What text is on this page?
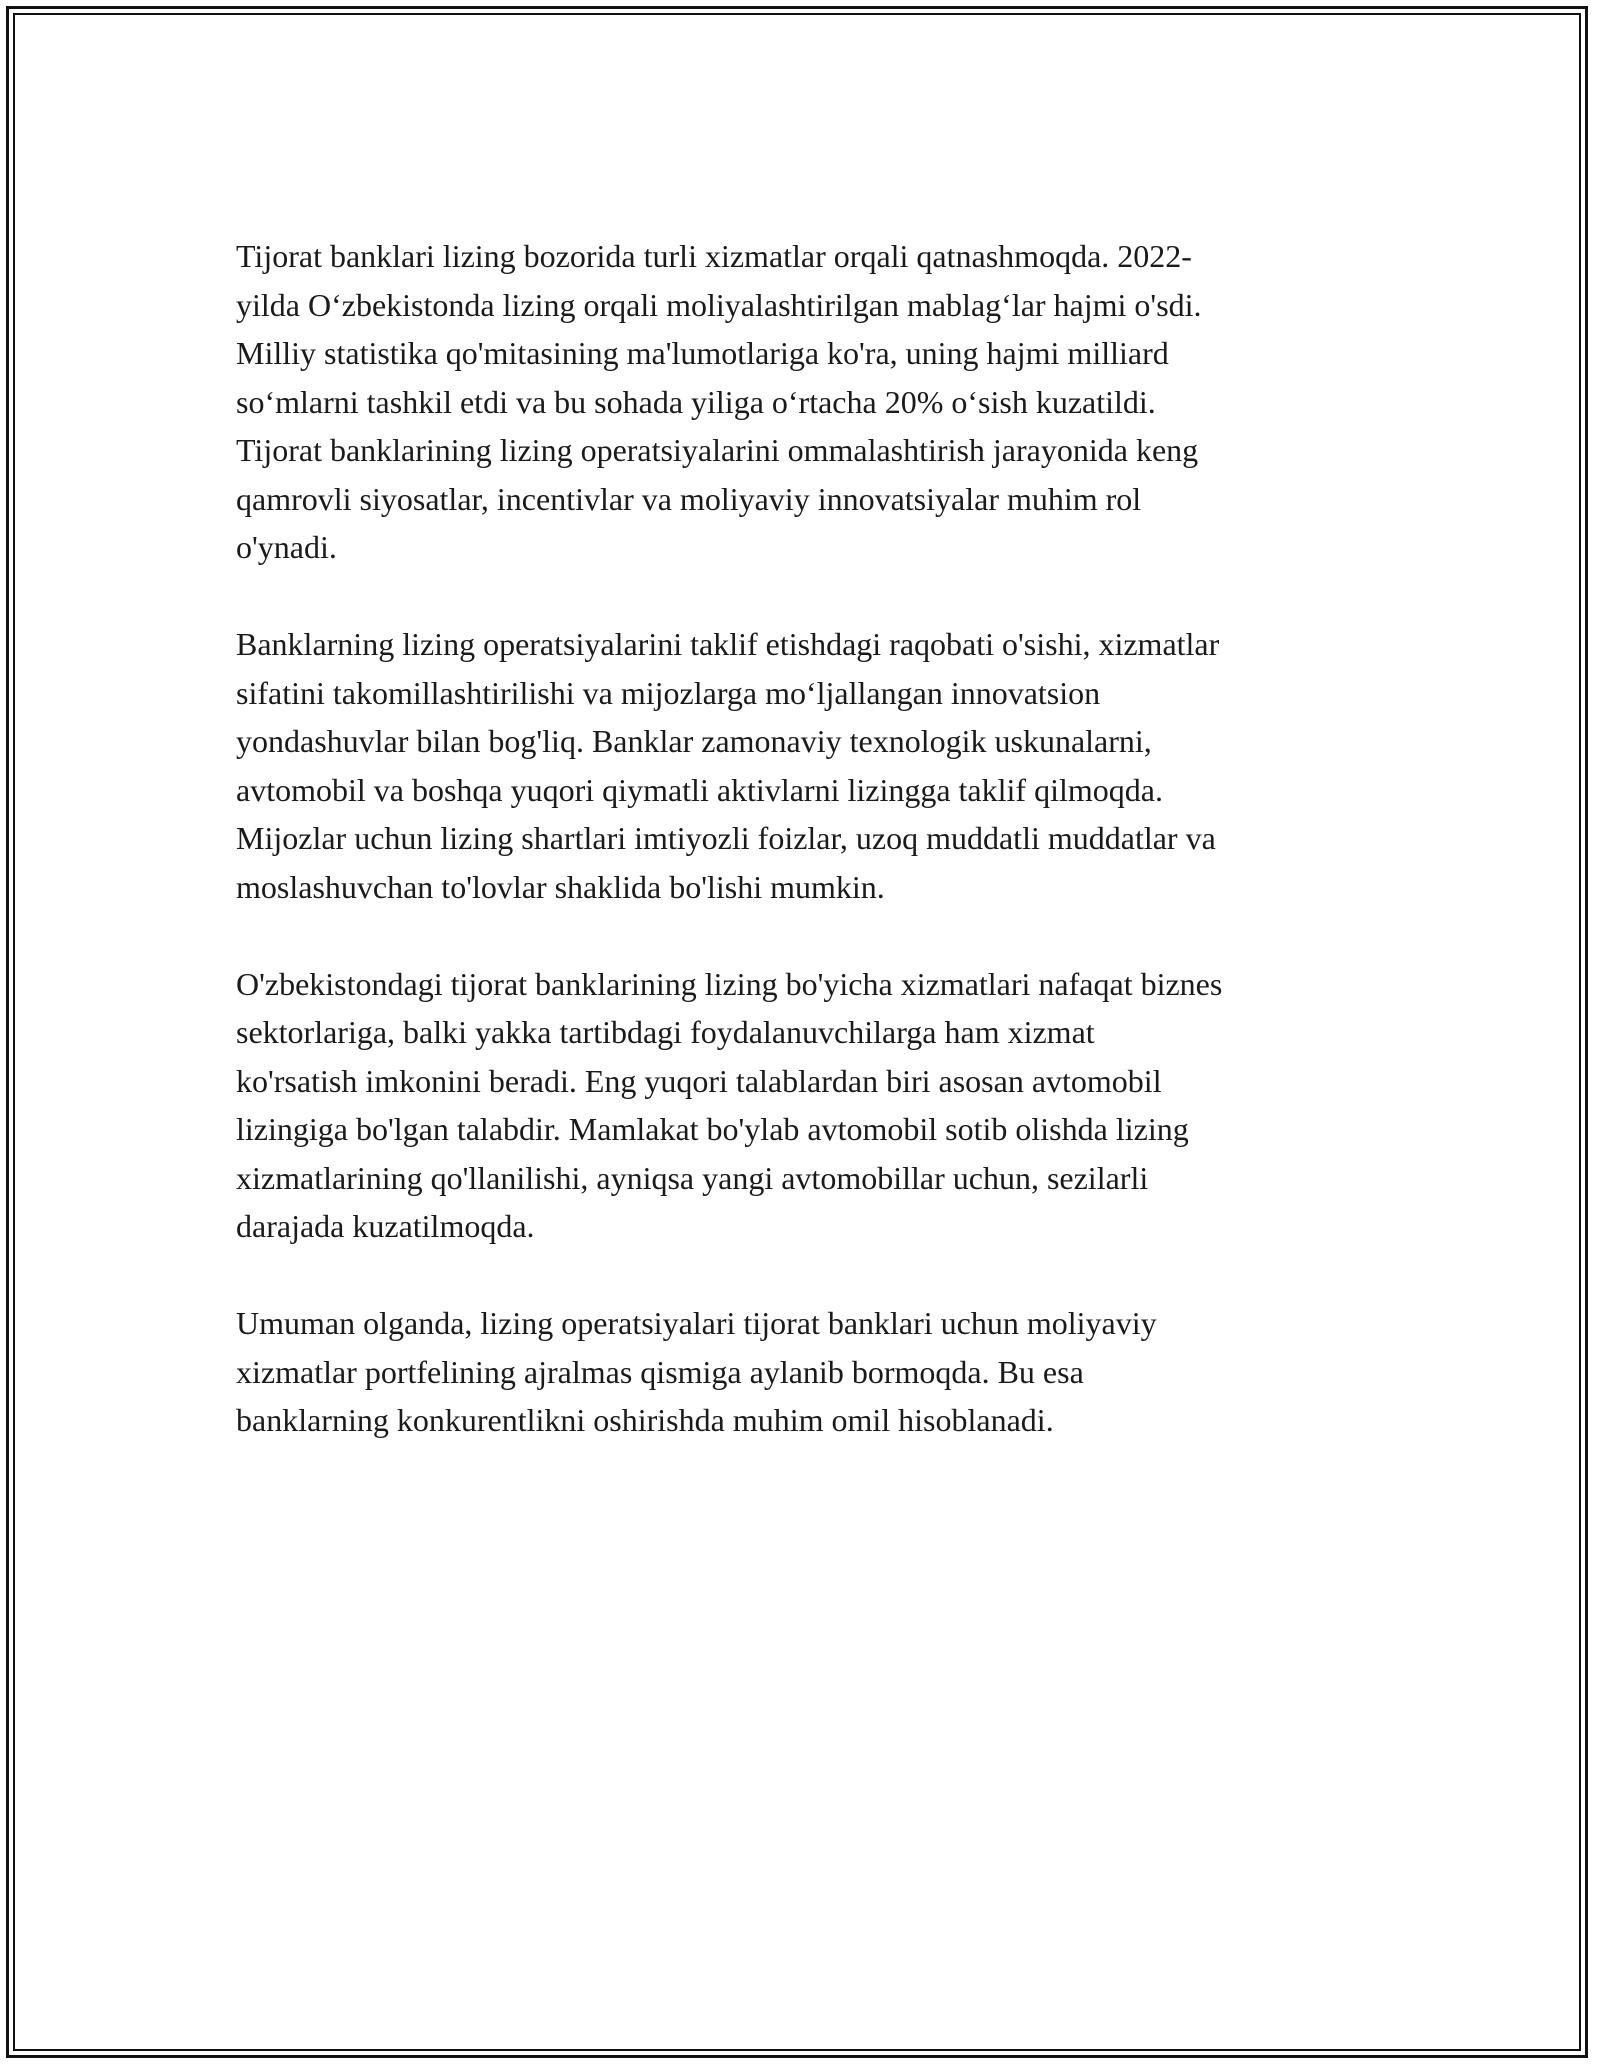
Tijorat banklari lizing bozorida turli xizmatlar orqali qatnashmoqda. 2022-
yilda O‘zbekistonda lizing orqali moliyalashtirilgan mablag‘lar hajmi o'sdi.
Milliy statistika qo'mitasining ma'lumotlariga ko'ra, uning hajmi milliard
so‘mlarni tashkil etdi va bu sohada yiliga o‘rtacha 20% o‘sish kuzatildi.
Tijorat banklarining lizing operatsiyalarini ommalashtirish jarayonida keng
qamrovli siyosatlar, incentivlar va moliyaviy innovatsiyalar muhim rol
o'ynadi.

Banklarning lizing operatsiyalarini taklif etishdagi raqobati o'sishi, xizmatlar
sifatini takomillashtirilishi va mijozlarga mo‘ljallangan innovatsion
yondashuvlar bilan bog'liq. Banklar zamonaviy texnologik uskunalarni,
avtomobil va boshqa yuqori qiymatli aktivlarni lizingga taklif qilmoqda.
Mijozlar uchun lizing shartlari imtiyozli foizlar, uzoq muddatli muddatlar va
moslashuvchan to'lovlar shaklida bo'lishi mumkin.

O'zbekistondagi tijorat banklarining lizing bo'yicha xizmatlari nafaqat biznes
sektorlariga, balki yakka tartibdagi foydalanuvchilarga ham xizmat
ko'rsatish imkonini beradi. Eng yuqori talablardan biri asosan avtomobil
lizingiga bo'lgan talabdir. Mamlakat bo'ylab avtomobil sotib olishda lizing
xizmatlarining qo'llanilishi, ayniqsa yangi avtomobillar uchun, sezilarli
darajada kuzatilmoqda.

Umuman olganda, lizing operatsiyalari tijorat banklari uchun moliyaviy
xizmatlar portfelining ajralmas qismiga aylanib bormoqda. Bu esa
banklarning konkurentlikni oshirishda muhim omil hisoblanadi.
